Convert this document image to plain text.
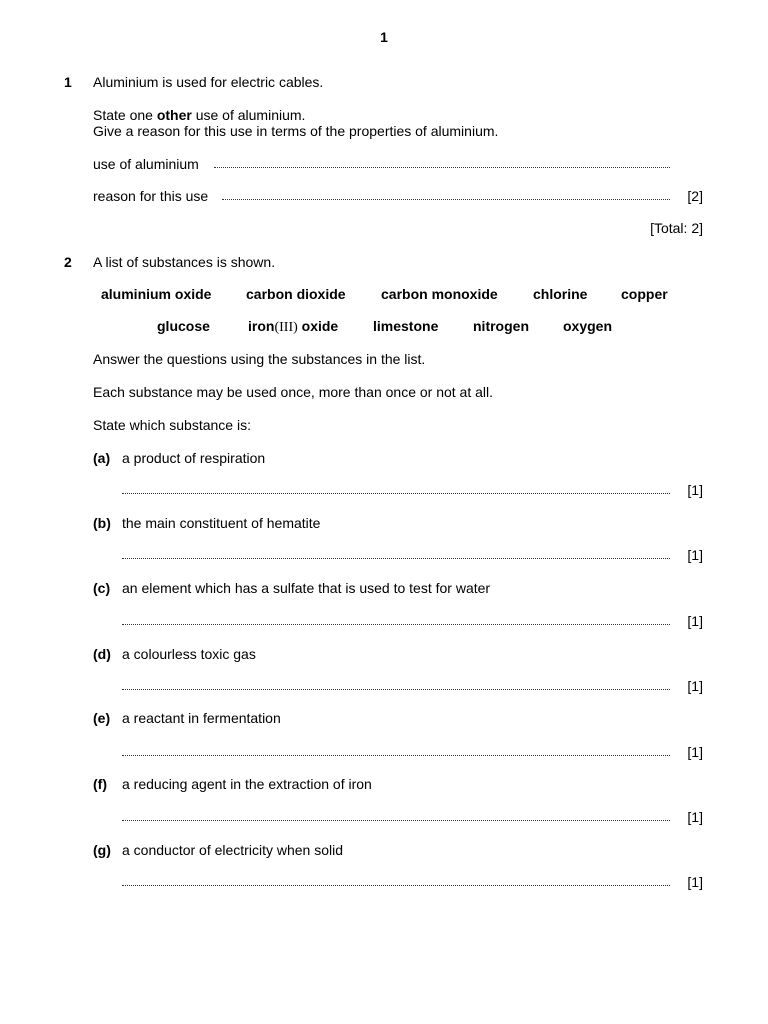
1
1 Aluminium is used for electric cables.
State one other use of aluminium.
Give a reason for this use in terms of the properties of aluminium.
use of aluminium
reason for this use	[2]
[Total: 2]
2 A list of substances is shown.
aluminium oxide carbon dioxide	carbon monoxide	chlorine copper
glucose	iron(III) oxide limestone nitrogen oxygen
Answer the questions using the substances in the list.
Each substance may be used once, more than once or not at all.
State which substance is:
(a) a product of respiration
[1]
(b) the main constituent of hematite
[1]
(c) an element which has a sulfate that is used to test for water
[1]
(d) a colourless toxic gas
[1]
(e) a reactant in fermentation
[1]
(f) a reducing agent in the extraction of iron
[1]
(g) a conductor of electricity when solid
[1]
